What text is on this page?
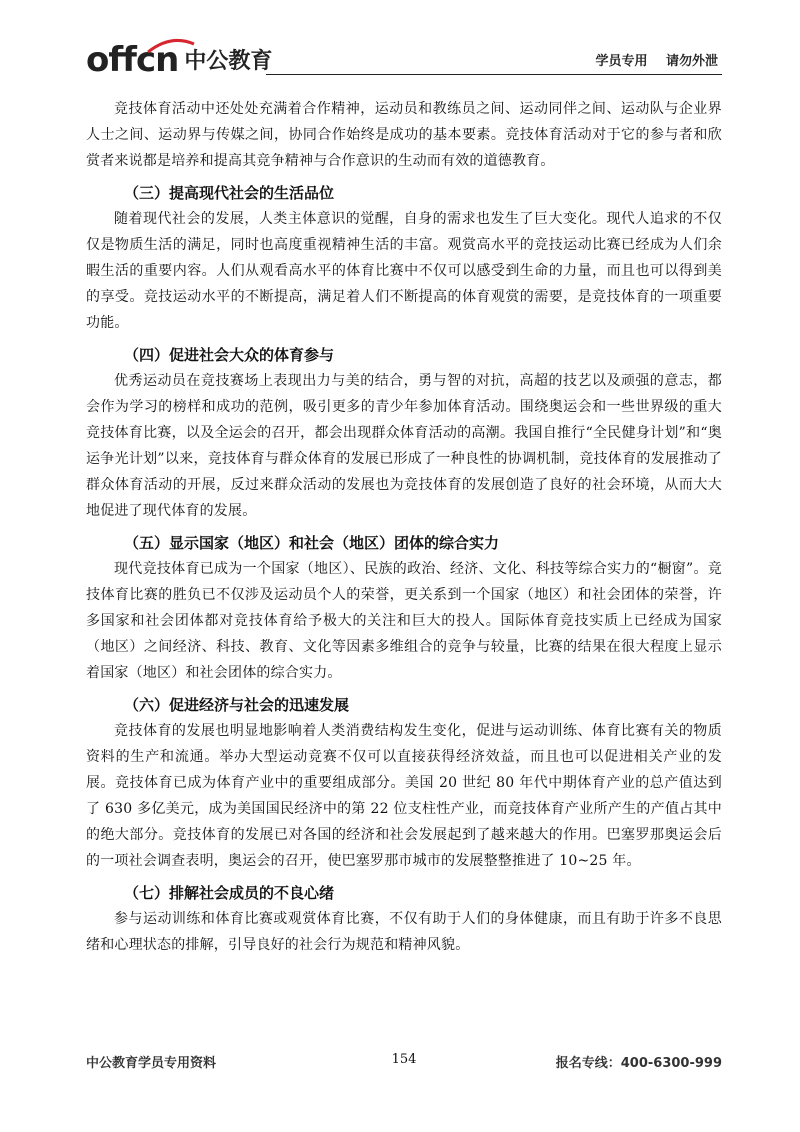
offcn 中公教育	学员专用 请勿外泄

竞技体育活动中还处处充满着合作精神，运动员和教练员之间、运动同伴之间、运动队与企业界人士之间、运动界与传媒之间，协同合作始终是成功的基本要素。竞技体育活动对于它的参与者和欣赏者来说都是培养和提高其竞争精神与合作意识的生动而有效的道德教育。

（三）提高现代社会的生活品位

随着现代社会的发展，人类主体意识的觉醒，自身的需求也发生了巨大变化。现代人追求的不仅仅是物质生活的满足，同时也高度重视精神生活的丰富。观赏高水平的竞技运动比赛已经成为人们余暇生活的重要内容。人们从观看高水平的体育比赛中不仅可以感受到生命的力量，而且也可以得到美的享受。竞技运动水平的不断提高，满足着人们不断提高的体育观赏的需要，是竞技体育的一项重要功能。

（四）促进社会大众的体育参与

优秀运动员在竞技赛场上表现出力与美的结合，勇与智的对抗，高超的技艺以及顽强的意志，都会作为学习的榜样和成功的范例，吸引更多的青少年参加体育活动。围绕奥运会和一些世界级的重大竞技体育比赛，以及全运会的召开，都会出现群众体育活动的高潮。我国自推行“全民健身计划”和“奥运争光计划”以来，竞技体育与群众体育的发展已形成了一种良性的协调机制，竞技体育的发展推动了群众体育活动的开展，反过来群众活动的发展也为竞技体育的发展创造了良好的社会环境，从而大大地促进了现代体育的发展。

（五）显示国家（地区）和社会（地区）团体的综合实力

现代竞技体育已成为一个国家（地区）、民族的政治、经济、文化、科技等综合实力的“橱窗”。竞技体育比赛的胜负已不仅涉及运动员个人的荣誉，更关系到一个国家（地区）和社会团体的荣誉，许多国家和社会团体都对竞技体育给予极大的关注和巨大的投人。国际体育竞技实质上已经成为国家（地区）之间经济、科技、教育、文化等因素多维组合的竞争与较量，比赛的结果在很大程度上显示着国家（地区）和社会团体的综合实力。

（六）促进经济与社会的迅速发展

竞技体育的发展也明显地影响着人类消费结构发生变化，促进与运动训练、体育比赛有关的物质资料的生产和流通。举办大型运动竞赛不仅可以直接获得经济效益，而且也可以促进相关产业的发展。竞技体育已成为体育产业中的重要组成部分。美国 20 世纪 80 年代中期体育产业的总产值达到了 630 多亿美元，成为美国国民经济中的第 22 位支柱性产业，而竞技体育产业所产生的产值占其中的绝大部分。竞技体育的发展已对各国的经济和社会发展起到了越来越大的作用。巴塞罗那奥运会后的一项社会调查表明，奥运会的召开，使巴塞罗那市城市的发展整整推进了 10~25 年。

（七）排解社会成员的不良心绪

参与运动训练和体育比赛或观赏体育比赛，不仅有助于人们的身体健康，而且有助于许多不良思绪和心理状态的排解，引导良好的社会行为规范和精神风貌。

中公教育学员专用资料	154	报名专线：400-6300-999
